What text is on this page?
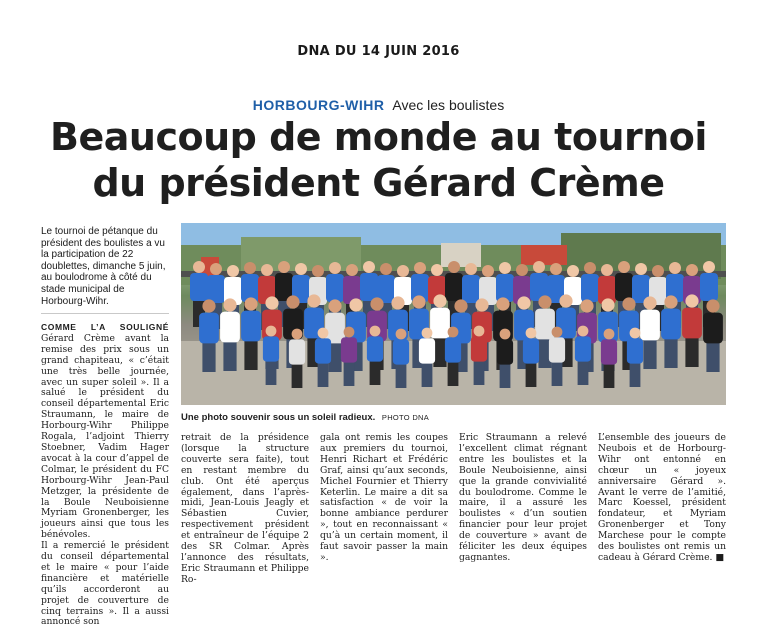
DNA DU 14 JUIN 2016
HORBOURG-WIHR Avec les boulistes
Beaucoup de monde au tournoi
du président Gérard Crème
Le tournoi de pétanque du président des boulistes a vu la participation de 22 doublettes, dimanche 5 juin, au boulodrome à côté du stade municipal de Horbourg-Wihr.

COMME L’A SOULIGNÉ Gérard Crème avant la remise des prix sous un grand chapiteau, « c’était une très belle journée, avec un super soleil ». Il a salué le président du conseil départemental Eric Straumann, le maire de Horbourg-Wihr Philippe Rogala, l’adjoint Thierry Stoebner, Vadim Hager avocat à la cour d’appel de Colmar, le président du FC Horbourg-Wihr Jean-Paul Metzger, la présidente de la Boule Neuboisienne Myriam Gronenberger, les joueurs ainsi que tous les bénévoles.

Il a remercié le président du conseil départemental et le maire « pour l’aide financière et matérielle qu’ils accorderont au projet de couverture de cinq terrains ». Il a aussi annoncé son

retrait de la présidence (lorsque la structure couverte sera faite), tout en restant membre du club. Ont été aperçus également, dans l’après-midi, Jean-Louis Jeagly et Sébastien Cuvier, respectivement président et entraîneur de l’équipe 2 des SR Colmar. Après l’annonce des résultats, Eric Straumann et Philippe Ro-
gala ont remis les coupes aux premiers du tournoi, Henri Richart et Frédéric Graf, ainsi qu’aux seconds, Michel Fournier et Thierry Keterlin. Le maire a dit sa satisfaction « de voir la bonne ambiance perdurer », tout en reconnaissant « qu’à un certain moment, il faut savoir passer la main ».
Eric Straumann a relevé l’excellent climat régnant entre les boulistes et la Boule Neuboisienne, ainsi que la grande convivialité du boulodrome. Comme le maire, il a assuré les boulistes « d’un soutien financier pour leur projet de couverture » avant de féliciter les deux équipes gagnantes.
L’ensemble des joueurs de Neubois et de Horbourg-Wihr ont entonné en chœur un « joyeux anniversaire Gérard ». Avant le verre de l’amitié, Marc Koessel, président fondateur, et Myriam Gronenberger et Tony Marchese pour le compte des boulistes ont remis un cadeau à Gérard Crème. ■
Une photo souvenir sous un soleil radieux. PHOTO DNA
